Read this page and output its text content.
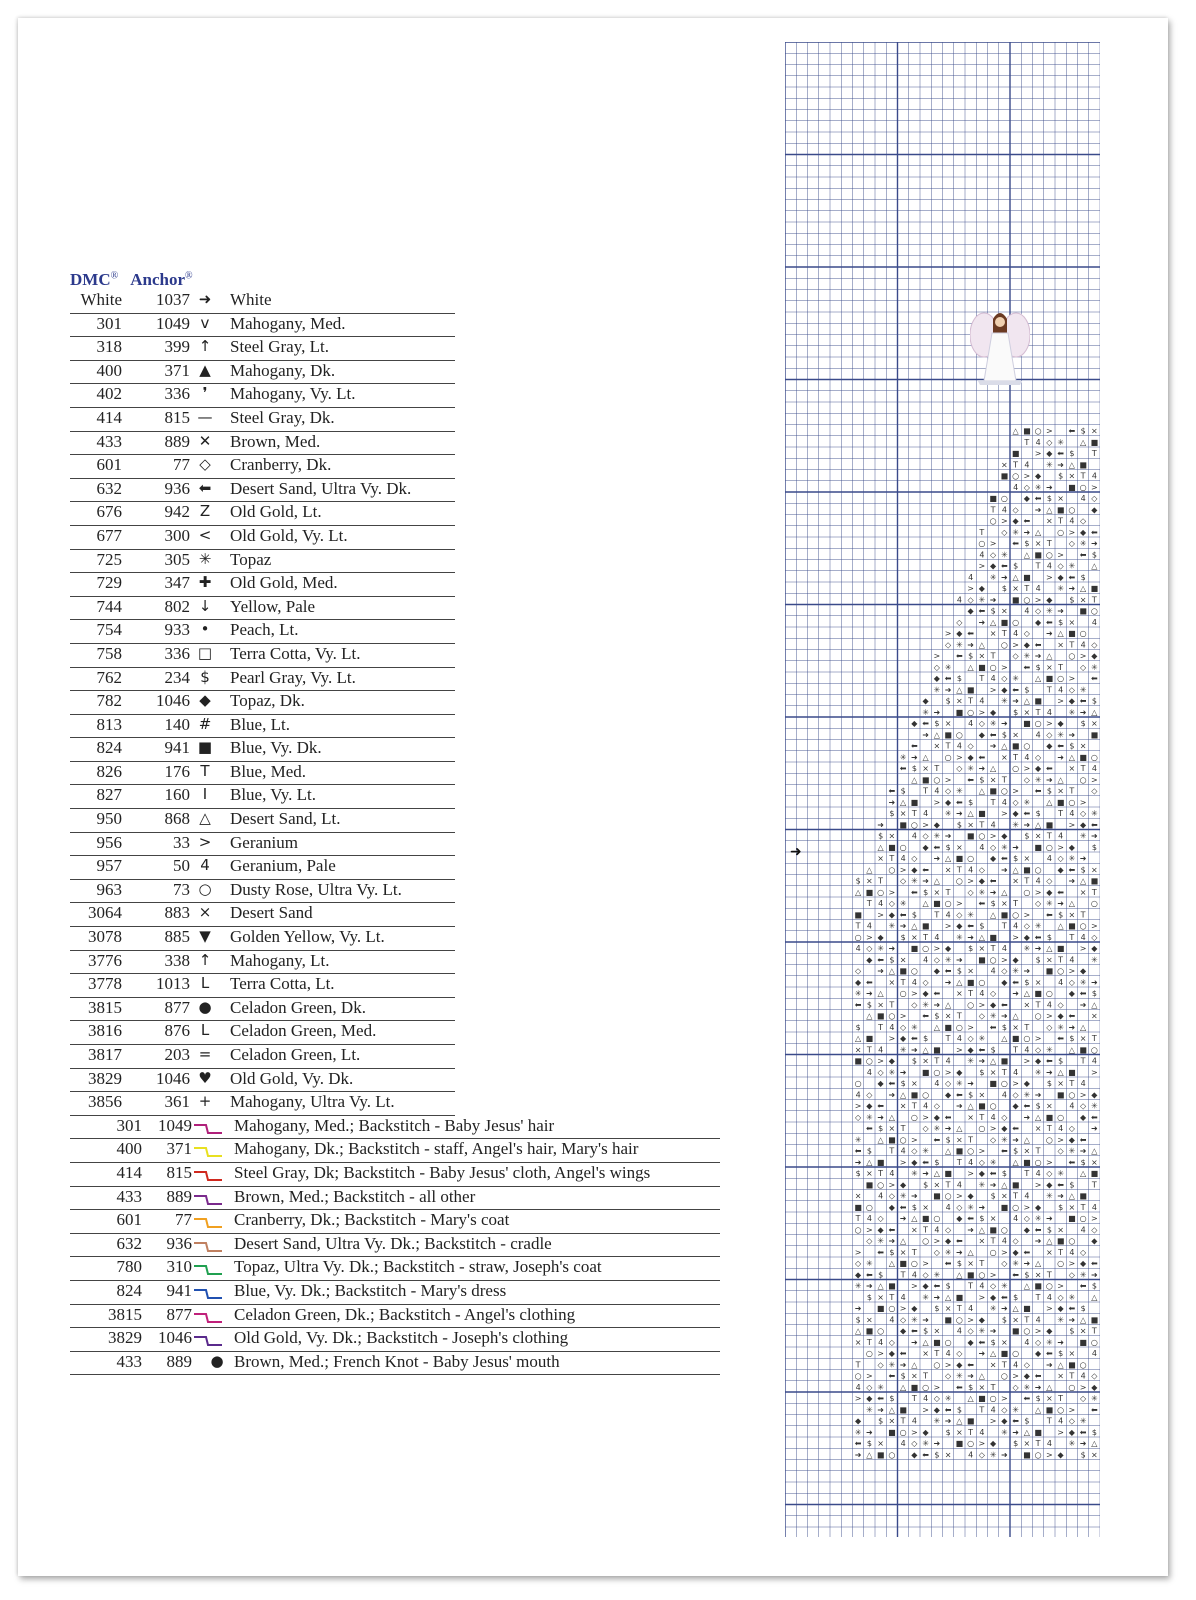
DMC® Anchor®
White	1037 ➜ White
301	1049 v	Mahogany, Med.
318	399 ↑ Steel Gray, Lt.
400	371 ▲	Mahogany, Dk.
402	336 ❜	Mahogany, Vy. Lt.
414	815 — Steel Gray, Dk.
433	889 ✕ Brown, Med.
601	77 ◇	Cranberry, Dk.
632	936 ⬅ Desert Sand, Ultra Vy. Dk.
676	942 Z	Old Gold, Lt.
677	300 < Old Gold, Vy. Lt.
725	305 ✳ Topaz
729	347 ✚ Old Gold, Med.
744	802 ↓ Yellow, Pale
754	933 •	Peach, Lt.
758	336 □ Terra Cotta, Vy. Lt.
762	234 $	Pearl Gray, Vy. Lt.
782	1046 ◆	Topaz, Dk.
813	140 # Blue, Lt.
824	941 ■ Blue, Vy. Dk.
826	176 T	Blue, Med.
827	160 I	Blue, Vy. Lt.
950	868 △	Desert Sand, Lt.
956	33 > Geranium
957	50 4	Geranium, Pale
963	73 ○ Dusty Rose, Ultra Vy. Lt.
3064	883 × Desert Sand
3078	885 ▼	Golden Yellow, Vy. Lt.
3776	338 ↑ Mahogany, Lt.
3778	1013 L	Terra Cotta, Lt.
3815	877 ● Celadon Green, Dk.
3816	876 L	Celadon Green, Med.
3817	203 = Celadon Green, Lt.
3829	1046 ♥ Old Gold, Vy. Dk.
3856	361 + Mahogany, Ultra Vy. Lt.
301 1049 Mahogany, Med.; Backstitch - Baby Jesus' hair
400	371 Mahogany, Dk.; Backstitch - staff, Angel's hair, Mary's hair
414	815 Steel Gray, Dk; Backstitch - Baby Jesus' cloth, Angel's wings
433	889 Brown, Med.; Backstitch - all other
601	77 Cranberry, Dk.; Backstitch - Mary's coat
632	936 Desert Sand, Ultra Vy. Dk.; Backstitch - cradle
780	310 Topaz, Ultra Vy. Dk.; Backstitch - straw, Joseph's coat
824	941 Blue, Vy. Dk.; Backstitch - Mary's dress
3815	877 Celadon Green, Dk.; Backstitch - Angel's clothing
3829 1046 Old Gold, Vy. Dk.; Backstitch - Joseph's clothing
433	889 ● Brown, Med.; French Knot - Baby Jesus' mouth
△ ■ ○ > ⬅ $ ×
T 4 ◇ ✳ △ ■
■ > ◆ ⬅ $ T
× T 4 ✳ ➜ △ ■
■ ○ > ◆ $ × T 4
4 ◇ ✳ ➜ ■ ○ >
■ ○ ◆ ⬅ $ × 4 ◇
T 4 ◇ ➜ △ ■ ○ ◆
○ > ◆ ⬅ × T 4 ◇
T ◇ ✳ ➜ △ ○ > ◆ ⬅
○ > ⬅ $ × T ◇ ✳ ➜
4 ◇ ✳ △ ■ ○ > ⬅ $
> ◆ ⬅ $ T 4 ◇ ✳ △
4 ✳ ➜ △ ■ > ◆ ⬅ $
> ◆ $ × T 4 ✳ ➜ △ ■
4 ◇ ✳ ➜ ■ ○ > ◆ $ × T
◆ ⬅ $ × 4 ◇ ✳ ➜ ■ ○
◇ ➜ △ ■ ○ ◆ ⬅ $ × 4
> ◆ ⬅ × T 4 ◇ ➜ △ ■ ○
◇ ✳ ➜ △ ○ > ◆ ⬅ × T 4 ◇
> ⬅ $ × T ◇ ✳ ➜ △ ○ > ◆
◇ ✳ △ ■ ○ > ⬅ $ × T ◇ ✳
◆ ⬅ $ T 4 ◇ ✳ △ ■ ○ > ⬅
✳ ➜ △ ■ > ◆ ⬅ $ T 4 ◇ ✳
◆ $ × T 4 ✳ ➜ △ ■ > ◆ ⬅ $
✳ ➜ ■ ○ > ◆ $ × T 4 ✳ ➜ △
◆ ⬅ $ × 4 ◇ ✳ ➜ ■ ○ > ◆ $ ×
➜ △ ■ ○ ◆ ⬅ $ × 4 ◇ ✳ ➜ ■
⬅ × T 4 ◇ ➜ △ ■ ○ ◆ ⬅ $ ×
✳ ➜ △ ○ > ◆ ⬅ × T 4 ◇ ➜ △ ■ ○
⬅ $ × T ◇ ✳ ➜ △ ○ > ◆ ⬅ × T 4
△ ■ ○ > ⬅ $ × T ◇ ✳ ➜ △ ○ >
⬅ $ T 4 ◇ ✳ △ ■ ○ > ⬅ $ × T ◇
➜ △ ■ > ◆ ⬅ $ T 4 ◇ ✳ △ ■ ○ >
$ × T 4 ✳ ➜ △ ■ > ◆ ⬅ $ T 4 ◇ ✳
➜ ■ ○ > ◆ $ × T 4 ✳ ➜ △ ■ > ◆ ⬅
$ × 4 ◇ ✳ ➜ ■ ○ > ◆ $ × T 4 ✳ ➜
△ ■ ○ ◆ ⬅ $ × 4 ◇ ✳ ➜ ■ ○ > ◆ $
× T 4 ◇ ➜ △ ■ ○ ◆ ⬅ $ × 4 ◇ ✳ ➜
△ ○ > ◆ ⬅ × T 4 ◇ ➜ △ ■ ○ ◆ ⬅ $ ×
$ × T ◇ ✳ ➜ △ ○ > ◆ ⬅ × T 4 ◇ ➜ △ ■
△ ■ ○ > ⬅ $ × T ◇ ✳ ➜ △ ○ > ◆ ⬅ × T
T 4 ◇ ✳ △ ■ ○ > ⬅ $ × T ◇ ✳ ➜ △ ○
■ > ◆ ⬅ $ T 4 ◇ ✳ △ ■ ○ > ⬅ $ × T
T 4 ✳ ➜ △ ■ > ◆ ⬅ $ T 4 ◇ ✳ △ ■ ○ >
○ > ◆ $ × T 4 ✳ ➜ △ ■ > ◆ ⬅ $ T 4 ◇
4 ◇ ✳ ➜ ■ ○ > ◆ $ × T 4 ✳ ➜ △ ■ > ◆
◆ ⬅ $ × 4 ◇ ✳ ➜ ■ ○ > ◆ $ × T 4 ✳
◇ ➜ △ ■ ○ ◆ ⬅ $ × 4 ◇ ✳ ➜ ■ ○ > ◆
◆ ⬅ × T 4 ◇ ➜ △ ■ ○ ◆ ⬅ $ × 4 ◇ ✳ ➜
✳ ➜ △ ○ > ◆ ⬅ × T 4 ◇ ➜ △ ■ ○ ◆ ⬅ $
⬅ $ × T ◇ ✳ ➜ △ ○ > ◆ ⬅ × T 4 ◇ ➜ △
△ ■ ○ > ⬅ $ × T ◇ ✳ ➜ △ ○ > ◆ ⬅ ×
$ T 4 ◇ ✳ △ ■ ○ > ⬅ $ × T ◇ ✳ ➜ △
△ ■ > ◆ ⬅ $ T 4 ◇ ✳ △ ■ ○ > ⬅ $ × T
× T 4 ✳ ➜ △ ■ > ◆ ⬅ $ T 4 ◇ ✳ △ ■ ○
■ ○ > ◆ $ × T 4 ✳ ➜ △ ■ > ◆ ⬅ $ T 4
4 ◇ ✳ ➜ ■ ○ > ◆ $ × T 4 ✳ ➜ △ ■ >
○ ◆ ⬅ $ × 4 ◇ ✳ ➜ ■ ○ > ◆ $ × T 4
4 ◇ ➜ △ ■ ○ ◆ ⬅ $ × 4 ◇ ✳ ➜ ■ ○ > ◆
> ◆ ⬅ × T 4 ◇ ➜ △ ■ ○ ◆ ⬅ $ × 4 ◇ ✳
◇ ✳ ➜ △ ○ > ◆ ⬅ × T 4 ◇ ➜ △ ■ ○ ◆ ⬅
⬅ $ × T ◇ ✳ ➜ △ ○ > ◆ ⬅ × T 4 ◇ ➜
✳ △ ■ ○ > ⬅ $ × T ◇ ✳ ➜ △ ○ > ◆ ⬅
⬅ $ T 4 ◇ ✳ △ ■ ○ > ⬅ $ × T ◇ ✳ ➜ △
➜ △ ■ > ◆ ⬅ $ T 4 ◇ ✳ △ ■ ○ > ⬅ $ ×
$ × T 4 ✳ ➜ △ ■ > ◆ ⬅ $ T 4 ◇ ✳ △ ■
■ ○ > ◆ $ × T 4 ✳ ➜ △ ■ > ◆ ⬅ $ T
× 4 ◇ ✳ ➜ ■ ○ > ◆ $ × T 4 ✳ ➜ △ ■
■ ○ ◆ ⬅ $ × 4 ◇ ✳ ➜ ■ ○ > ◆ $ × T 4
T 4 ◇ ➜ △ ■ ○ ◆ ⬅ $ × 4 ◇ ✳ ➜ ■ ○ >
○ > ◆ ⬅ × T 4 ◇ ➜ △ ■ ○ ◆ ⬅ $ × 4 ◇
◇ ✳ ➜ △ ○ > ◆ ⬅ × T 4 ◇ ➜ △ ■ ○ ◆
> ⬅ $ × T ◇ ✳ ➜ △ ○ > ◆ ⬅ × T 4 ◇
◇ ✳ △ ■ ○ > ⬅ $ × T ◇ ✳ ➜ △ ○ > ◆ ⬅
◆ ⬅ $ T 4 ◇ ✳ △ ■ ○ > ⬅ $ × T ◇ ✳ ➜
✳ ➜ △ ■ > ◆ ⬅ $ T 4 ◇ ✳ △ ■ ○ > ⬅ $
$ × T 4 ✳ ➜ △ ■ > ◆ ⬅ $ T 4 ◇ ✳ △
➜ ■ ○ > ◆ $ × T 4 ✳ ➜ △ ■ > ◆ ⬅ $
$ × 4 ◇ ✳ ➜ ■ ○ > ◆ $ × T 4 ✳ ➜ △ ■
△ ■ ○ ◆ ⬅ $ × 4 ◇ ✳ ➜ ■ ○ > ◆ $ × T
× T 4 ◇ ➜ △ ■ ○ ◆ ⬅ $ × 4 ◇ ✳ ➜ ■ ○
○ > ◆ ⬅ × T 4 ◇ ➜ △ ■ ○ ◆ ⬅ $ × 4
T ◇ ✳ ➜ △ ○ > ◆ ⬅ × T 4 ◇ ➜ △ ■ ○
○ > ⬅ $ × T ◇ ✳ ➜ △ ○ > ◆ ⬅ × T 4 ◇
4 ◇ ✳ △ ■ ○ > ⬅ $ × T ◇ ✳ ➜ △ ○ > ◆
> ◆ ⬅ $ T 4 ◇ ✳ △ ■ ○ > ⬅ $ × T ◇ ✳
✳ ➜ △ ■ > ◆ ⬅ $ T 4 ◇ ✳ △ ■ ○ > ⬅
◆ $ × T 4 ✳ ➜ △ ■ > ◆ ⬅ $ T 4 ◇ ✳
✳ ➜ ■ ○ > ◆ $ × T 4 ✳ ➜ △ ■ > ◆ ⬅ $
⬅ $ × 4 ◇ ✳ ➜ ■ ○ > ◆ $ × T 4 ✳ ➜ △
➜ △ ■ ○ ◆ ⬅ $ × 4 ◇ ✳ ➜ ■ ○ > ◆ $ ×
➜
